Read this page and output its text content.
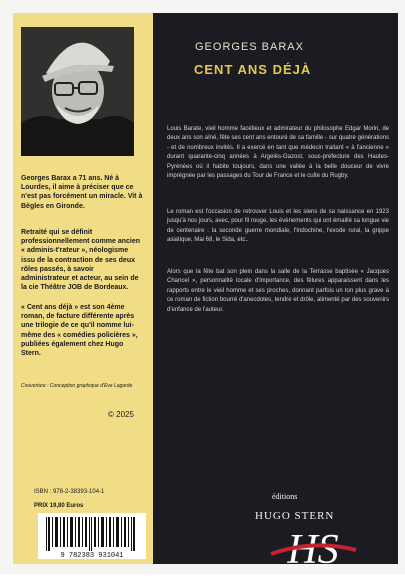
Georges Barax a 71 ans. Né à Lourdes, il aime à préciser que ce n'est pas forcément un miracle. Vit à Bègles en Gironde.
Retraité qui se définit professionnellement comme ancien « adminis-t'rateur », néologisme issu de la contraction de ses deux rôles passés, à savoir administrateur et acteur, au sein de la cie Théâtre JOB de Bordeaux.
« Cent ans déjà » est son 4ème roman, de facture différente après une trilogie de ce qu'il nomme lui-même des « comédies policières », publiées également chez Hugo Stern.
Couverture : Conception graphique d'Eve Lagarde
© 2025
ISBN : 978-2-38393-104-1
PRIX 19,80 Euros
9 782383 931041
GEORGES BARAX
CENT ANS DÉJÀ
Louis Barate, vieil homme facétieux et admirateur du philosophe Edgar Morin, de deux ans son aîné, fête ses cent ans entouré de sa famille - sur quatre générations - et de nombreux invités. Il a exercé en tant que médecin traitant « à l'ancienne » durant quarante-cinq années à Argelès-Gazost, sous-préfecture des Hautes-Pyrénées où il habite toujours, dans une vallée à la belle douceur de vivre imprégnée par les passages du Tour de France et le culte du Rugby.
Le roman est l'occasion de retrouver Louis et les siens de sa naissance en 1923 jusqu'à nos jours, avec, pour fil rouge, les évènements qui ont émaillé sa longue vie de centenaire : la seconde guerre mondiale, l'Indochine, l'exode rural, la grippe asiatique, Mai 68, le Sida, etc..
Alors que la fête bat son plein dans la salle de la Terrasse baptisée « Jacques Chancel », personnalité locale d'importance, des fêlures apparaissent dans les rapports entre le vieil homme et ses proches, donnant parfois un ton plus grave à ce roman de fiction bourré d'anecdotes, tendre et drôle, alimenté par des souvenirs d'enfance de l'auteur.
éditions
HUGO STERN
HS
